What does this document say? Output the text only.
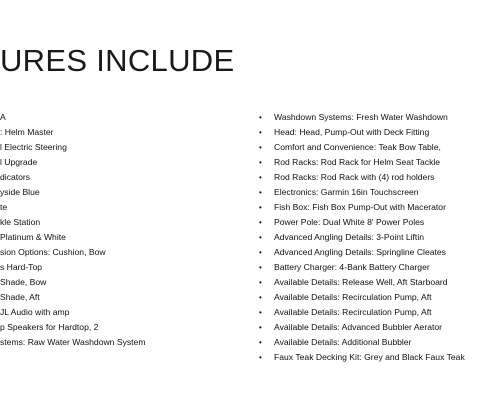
URES INCLUDE
A
: Helm Master
l Electric Steering
l Upgrade
dicators
yside Blue
te
kle Station
Platinum & White
sion Options: Cushion, Bow
s Hard-Top
Shade, Bow
Shade, Aft
JL Audio with amp
p Speakers for Hardtop, 2
stems: Raw Water Washdown System
• Washdown Systems: Fresh Water Washdown
• Head: Head, Pump-Out with Deck Fitting
• Comfort and Convenience: Teak Bow Table,
• Rod Racks: Rod Rack for Helm Seat Tackle
• Rod Racks: Rod Rack with (4) rod holders
• Electronics: Garmin 16in Touchscreen
• Fish Box: Fish Box Pump-Out with Macerator
• Power Pole: Dual White 8' Power Poles
• Advanced Angling Details: 3-Point Liftin
• Advanced Angling Details: Springline Cleates
• Battery Charger: 4-Bank Battery Charger
• Available Details: Release Well, Aft Starboard
• Available Details: Recirculation Pump, Aft
• Available Details: Recirculation Pump, Aft
• Available Details: Advanced Bubbler Aerator
• Available Details: Additional Bubbler
• Faux Teak Decking Kit: Grey and Black Faux Teak
